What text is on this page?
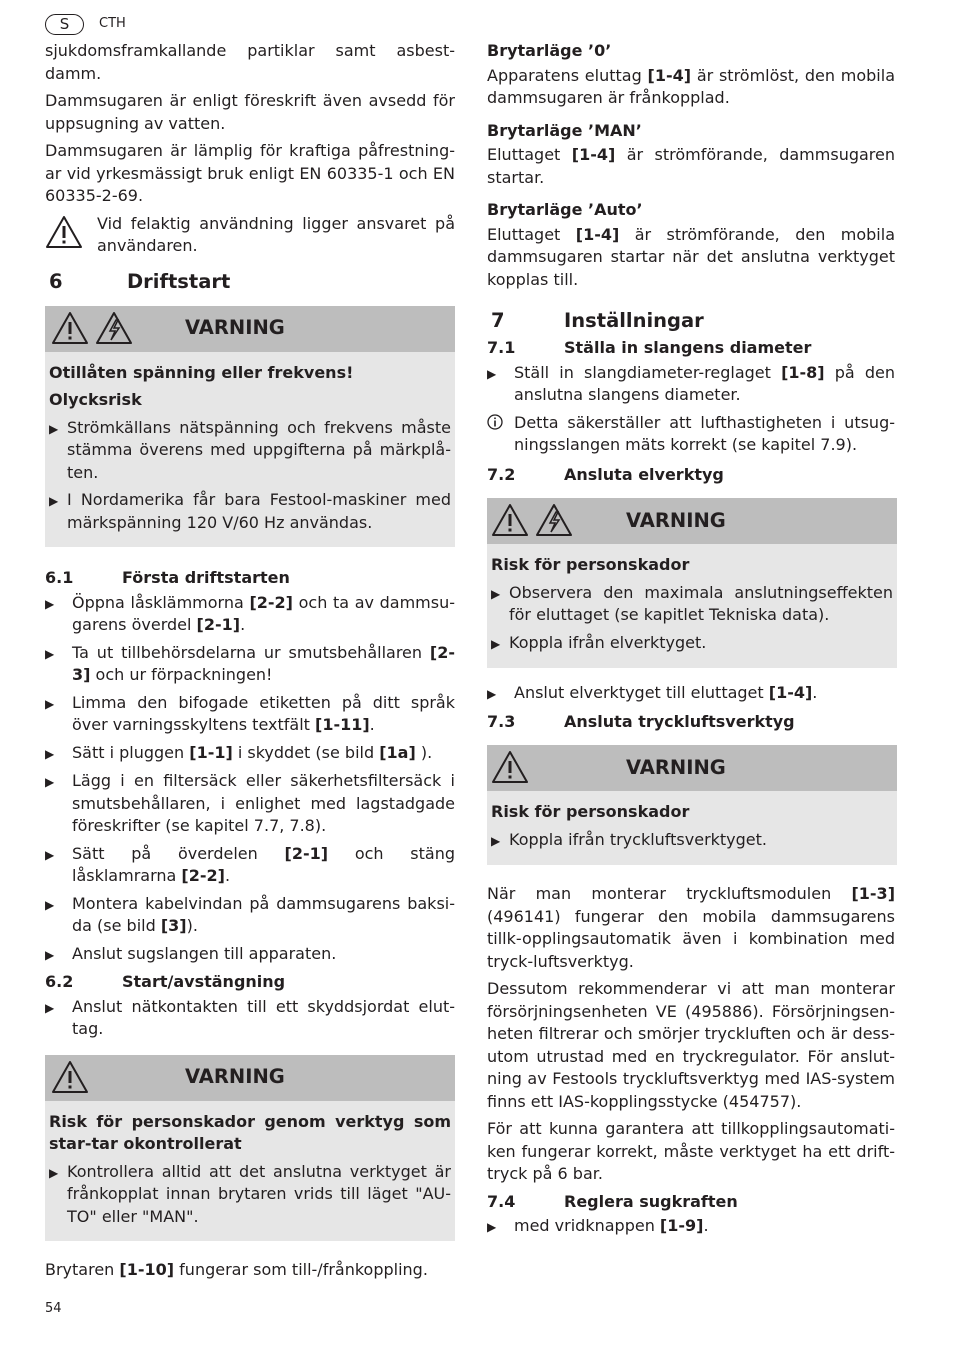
S	CTH

sjukdomsframkallande partiklar samt asbest-damm.

Dammsugaren är enligt föreskrift även avsedd för uppsugning av vatten.

Dammsugaren är lämplig för kraftiga påfrestning-ar vid yrkesmässigt bruk enligt EN 60335-1 och EN 60335-2-69.

Vid felaktig användning ligger ansvaret på användaren.

6	Driftstart
VARNING
Otillåten spänning eller frekvens!
Olycksrisk
▶ Strömkällans nätspänning och frekvens måste stämma överens med uppgifterna på märkplå-ten.
▶ I Nordamerika får bara Festool-maskiner med märkspänning 120 V/60 Hz användas.
6.1	Första driftstarten
▶	Öppna låsklämmorna [2-2] och ta av dammsu-garens överdel [2-1].
▶	Ta ut tillbehörsdelarna ur smutsbehållaren [2-3] och ur förpackningen!
▶	Limma den bifogade etiketten på ditt språk över varningsskyltens textfält [1-11].
▶	Sätt i pluggen [1-1] i skyddet (se bild [1a] ).
▶	Lägg i en filtersäck eller säkerhetsfiltersäck i smutsbehållaren, i enlighet med lagstadgade föreskrifter (se kapitel 7.7, 7.8).
▶	Sätt på överdelen [2-1] och stäng låsklamrarna [2-2].
▶	Montera kabelvindan på dammsugarens baksi-da (se bild [3]).
▶	Anslut sugslangen till apparaten.
6.2	Start/avstängning
▶	Anslut nätkontakten till ett skyddsjordat elut-tag.
VARNING
Risk för personskador genom verktyg som star-tar okontrollerat
▶ Kontrollera alltid att det anslutna verktyget är frånkopplat innan brytaren vrids till läget "AU-TO" eller "MAN".

Brytaren [1-10] fungerar som till-/frånkoppling.

Brytarläge ’0’

Apparatens eluttag [1-4] är strömlöst, den mobila dammsugaren är frånkopplad.

Brytarläge ’MAN’

Eluttaget [1-4] är strömförande, dammsugaren startar.

Brytarläge ’Auto’

Eluttaget [1-4] är strömförande, den mobila dammsugaren startar när det anslutna verktyget kopplas till.

7	Inställningar
7.1	Ställa in slangens diameter
▶	Ställ in slangdiameter-reglaget [1-8] på den anslutna slangens diameter.
Detta säkerställer att lufthastigheten i utsug-ningsslangen mäts korrekt (se kapitel 7.9).
7.2	Ansluta elverktyg
VARNING
Risk för personskador
▶ Observera den maximala anslutningseffekten för eluttaget (se kapitlet Tekniska data).
▶ Koppla ifrån elverktyget.
▶	Anslut elverktyget till eluttaget [1-4].
7.3	Ansluta tryckluftsverktyg
VARNING
Risk för personskador
▶ Koppla ifrån tryckluftsverktyget.

När man monterar tryckluftsmodulen [1-3] (496141) fungerar den mobila dammsugarens tillk-opplingsautomatik även i kombination med tryck-luftsverktyg.

Dessutom rekommenderar vi att man monterar försörjningsenheten VE (495886). Försörjningsen-heten filtrerar och smörjer tryckluften och är dess-utom utrustad med en tryckregulator. För anslut-ning av Festools tryckluftsverktyg med IAS-system finns ett IAS-kopplingsstycke (454757).

För att kunna garantera att tillkopplingsautomati-ken fungerar korrekt, måste verktyget ha ett drift-tryck på 6 bar.

7.4	Reglera sugkraften
▶	med vridknappen [1-9].
54
